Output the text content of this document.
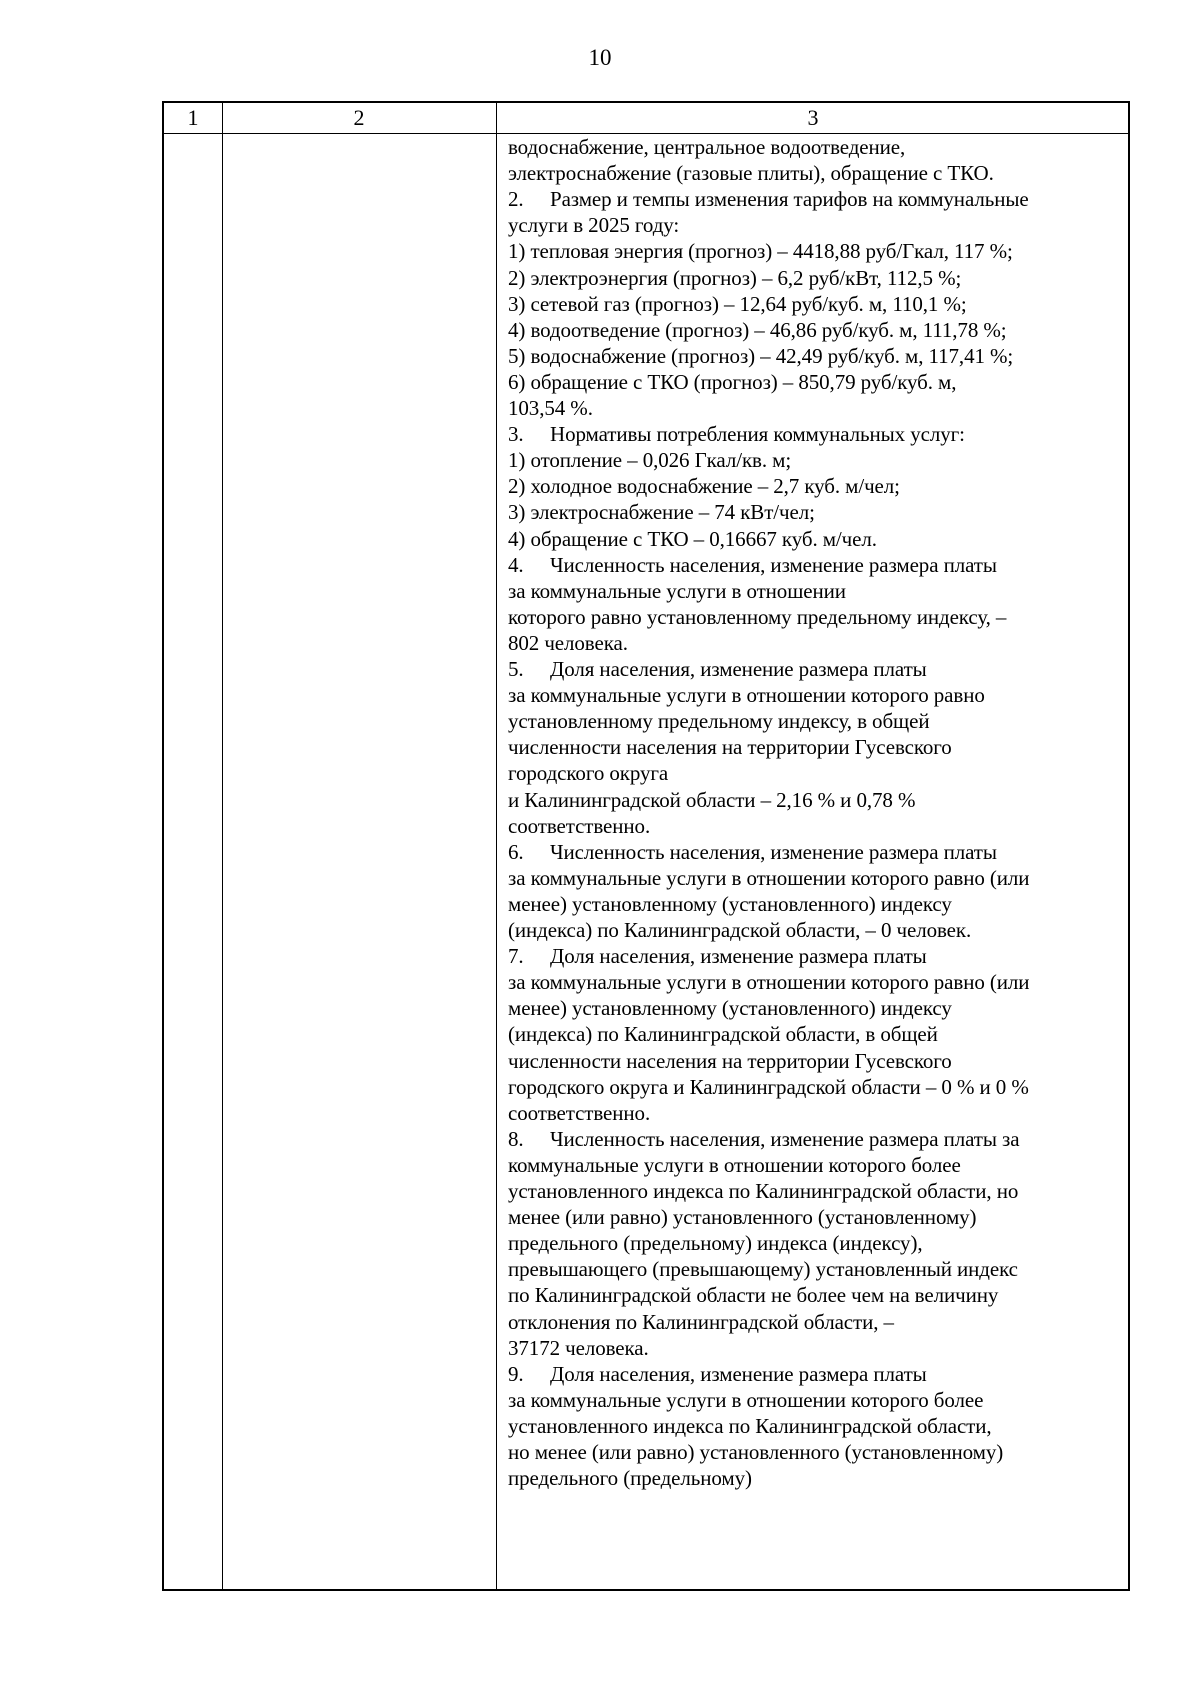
10
1	2	3
водоснабжение, центральное водоотведение,
электроснабжение (газовые плиты), обращение с ТКО.
2. Размер и темпы изменения тарифов на коммунальные
услуги в 2025 году:
1) тепловая энергия (прогноз) – 4418,88 руб/Гкал, 117 %;
2) электроэнергия (прогноз) – 6,2 руб/кВт, 112,5 %;
3) сетевой газ (прогноз) – 12,64 руб/куб. м, 110,1 %;
4) водоотведение (прогноз) – 46,86 руб/куб. м, 111,78 %;
5) водоснабжение (прогноз) – 42,49 руб/куб. м, 117,41 %;
6) обращение с ТКО (прогноз) – 850,79 руб/куб. м,
103,54 %.
3. Нормативы потребления коммунальных услуг:
1) отопление – 0,026 Гкал/кв. м;
2) холодное водоснабжение – 2,7 куб. м/чел;
3) электроснабжение – 74 кВт/чел;
4) обращение с ТКО – 0,16667 куб. м/чел.
4. Численность населения, изменение размера платы
за коммунальные услуги в отношении
которого равно установленному предельному индексу, –
802 человека.
5. Доля населения, изменение размера платы
за коммунальные услуги в отношении которого равно
установленному предельному индексу, в общей
численности населения на территории Гусевского
городского округа
и Калининградской области – 2,16 % и 0,78 %
соответственно.
6. Численность населения, изменение размера платы
за коммунальные услуги в отношении которого равно (или
менее) установленному (установленного) индексу
(индекса) по Калининградской области, – 0 человек.
7. Доля населения, изменение размера платы
за коммунальные услуги в отношении которого равно (или
менее) установленному (установленного) индексу
(индекса) по Калининградской области, в общей
численности населения на территории Гусевского
городского округа и Калининградской области – 0 % и 0 %
соответственно.
8. Численность населения, изменение размера платы за
коммунальные услуги в отношении которого более
установленного индекса по Калининградской области, но
менее (или равно) установленного (установленному)
предельного (предельному) индекса (индексу),
превышающего (превышающему) установленный индекс
по Калининградской области не более чем на величину
отклонения по Калининградской области, –
37172 человека.
9. Доля населения, изменение размера платы
за коммунальные услуги в отношении которого более
установленного индекса по Калининградской области,
но менее (или равно) установленного (установленному)
предельного (предельному)
